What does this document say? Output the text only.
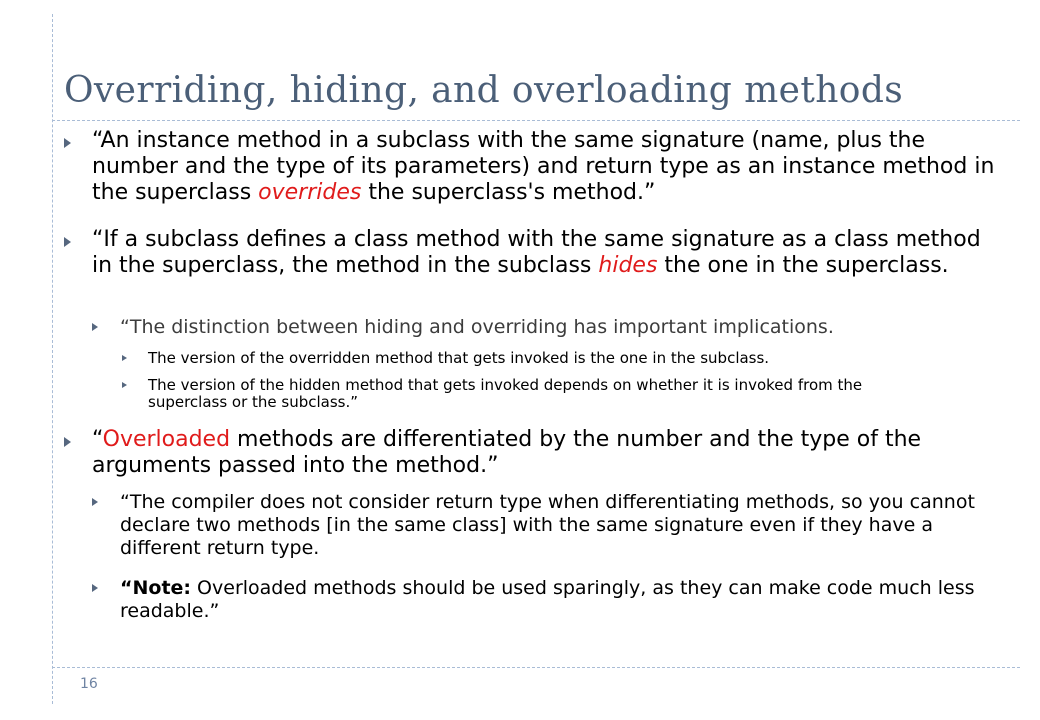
Overriding, hiding, and overloading methods
“An instance method in a subclass with the same signature (name, plus the number and the type of its parameters) and return type as an instance method in the superclass overrides the superclass's method.”
“If a subclass defines a class method with the same signature as a class method in the superclass, the method in the subclass hides the one in the superclass.
“The distinction between hiding and overriding has important implications.
The version of the overridden method that gets invoked is the one in the subclass.
The version of the hidden method that gets invoked depends on whether it is invoked from the superclass or the subclass.”
“Overloaded methods are differentiated by the number and the type of the arguments passed into the method.”
“The compiler does not consider return type when differentiating methods, so you cannot declare two methods [in the same class] with the same signature even if they have a different return type.
“Note: Overloaded methods should be used sparingly, as they can make code much less readable.”
16
